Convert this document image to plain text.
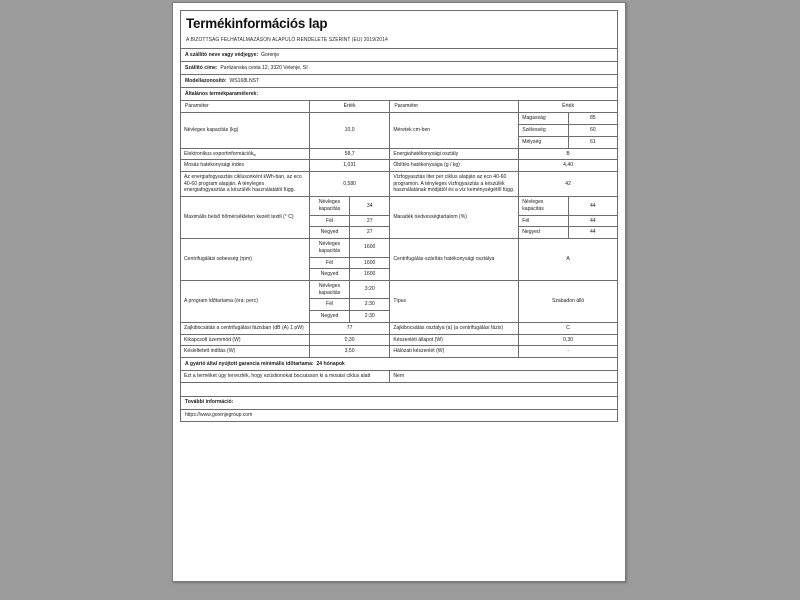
Termékinformációs lap					

A BIZOTTSÁG FELHATALMAZÁSON ALAPULÓ RENDELETE SZERINT (EU) 2019/2014					

A szállító neve vagy védjegye: Gorenje					
Szállító címe: Partizanska cesta 12, 3320 Velenje, SI					
Modellazonosító: WS168LNST					
Általános termékparaméterek:					
Paraméter	Érték		Paraméter	Érték	
Névleges kapacitás (kg)	10,0		Méretek cm-ben	Magasság	85
				Szélesség	60
				Mélység	61
Elektronikus exportinformációk$_w$	58,7		Energiahatékonysági osztály	B	
Mosás hatékonysági index	1,031		Öblítés hatékonysága (g / kg)	4,40	
Az energiafogyasztás ciklusonként kWh-ban, az eco 40-60 program alapján. A tényleges energiafogyasztás a készülék használatától függ.	0,580		Vízfogyasztás liter per ciklus alapján az eco 40-60 programon. A tényleges vízfogyasztás a készülék használatának módjától és a víz keménységétől függ.	42	
Maximális belső hőmérsékleten kezelt textil (° C)	Névleges kapacitás	34	Maradék nedvességtartalom (%)	Névleges kapacitás	44
	Fél	27		Fél	44
	Negyed	27		Negyed	44
Centrifugálási sebesség (rpm)	Névleges kapacitás	1600	Centrifugálás-szárítás hatékonysági osztálya	A	
	Fél	1600			
	Negyed	1600			
A program időtartama (óra: perc)	Névleges kapacitás	3:20	Típus	Szabadon álló	
	Fél	2:30			
	Negyed	2:30			
Zajkibocsátás a centrifugálási fázisban (dB (A) 1 pW)	77		Zajkibocsátás osztálya (a) (a centrifugálási fázis)	C	
Kikapcsolt üzemmód (W)	0,30		Készenléti állapot (W)	0,30	
Késleltetett indítás (W)	3,50		Hálózati készenlét (W)	-	
A gyártó által nyújtott garancia minimális időtartama: 24 hónapok					
Ezt a terméket úgy tervezték, hogy ezüstionokat bocsásson ki a mosási ciklus alatt			Nem		

További információ:					
https://www.gorenjegroup.com					
